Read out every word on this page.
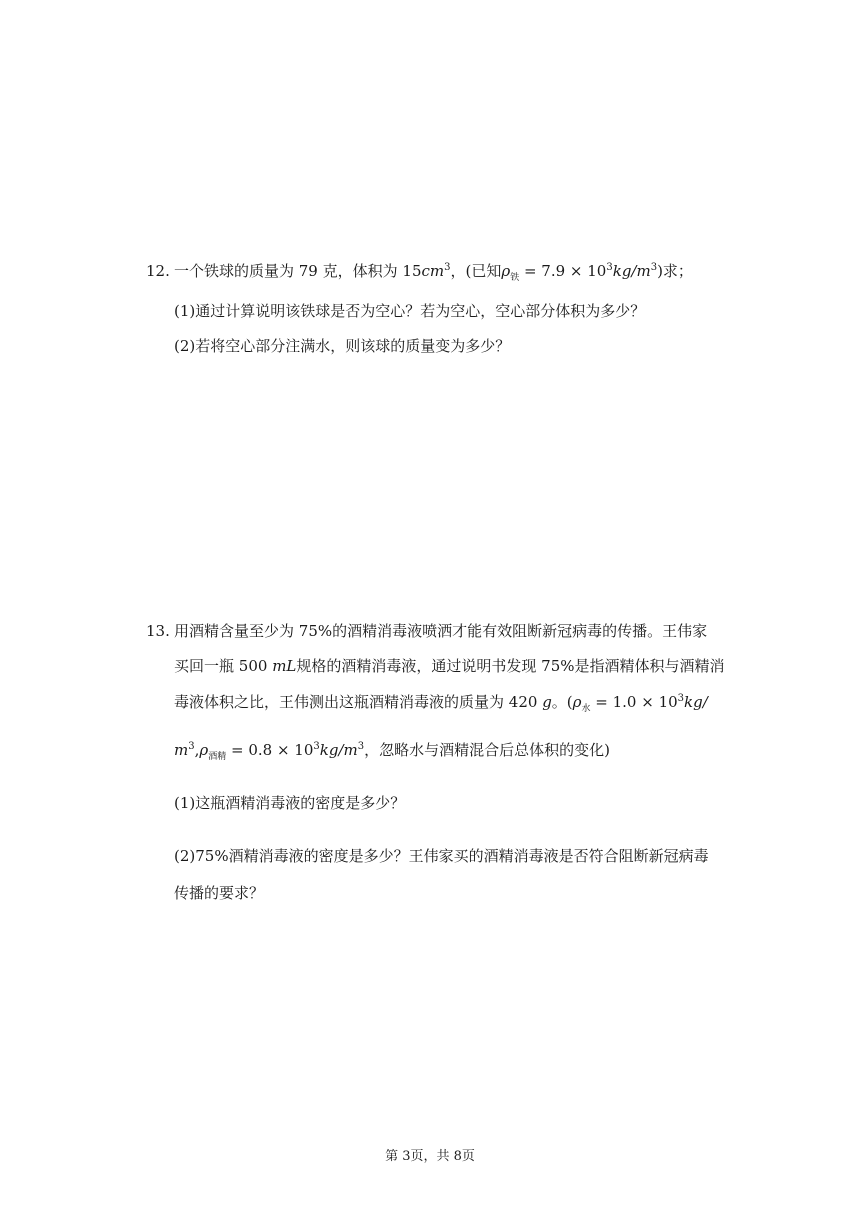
12. 一个铁球的质量为 79 克，体积为 $15cm^3$，(已知$\rho_铁 = 7.9 \times 10^3kg/m^3$)求；
(1)通过计算说明该铁球是否为空心？若为空心，空心部分体积为多少？
(2)若将空心部分注满水，则该球的质量变为多少？
13. 用酒精含量至少为 75%的酒精消毒液喷洒才能有效阻断新冠病毒的传播。王伟家
买回一瓶 500 mL规格的酒精消毒液，通过说明书发现 75%是指酒精体积与酒精消
毒液体积之比，王伟测出这瓶酒精消毒液的质量为 420 g。($\rho_水 = 1.0 \times 10^3kg/$
$m^3,\rho_{酒精} = 0.8 \times 10^3kg/m^3$，忽略水与酒精混合后总体积的变化)
(1)这瓶酒精消毒液的密度是多少？
(2)75%酒精消毒液的密度是多少？王伟家买的酒精消毒液是否符合阻断新冠病毒
传播的要求？
第 3页，共 8页
